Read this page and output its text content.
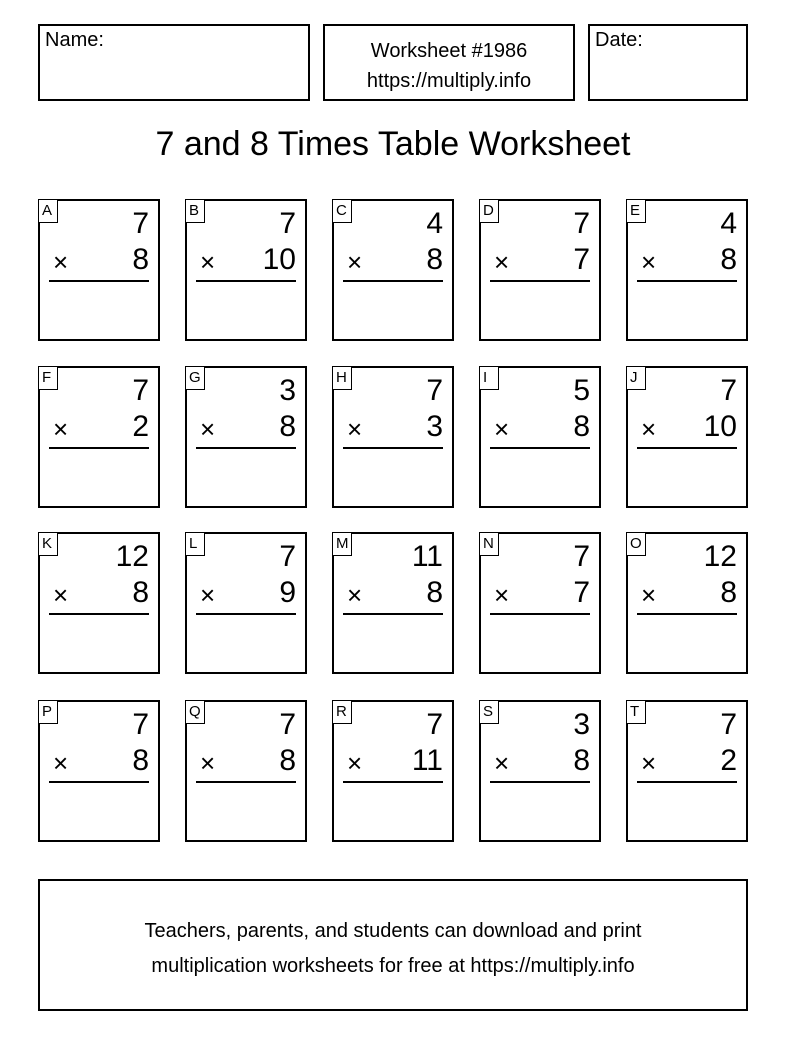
Name:	Worksheet #1986
https://multiply.info
Date:
7 and 8 Times Table Worksheet
A	7
× 8
B	7
× 10
C	4
× 8
D	7
× 7
E	4
× 8
F	7
× 2
G	3
× 8
H	7
× 3
I	5
× 8
J	7
× 10
K 12
× 8
L	7
× 9
M 11
× 8
N	7
× 7
O 12
× 8
P	7
× 8
Q	7
× 8
R	7
× 11
S	3
× 8
T	7
× 2
Teachers, parents, and students can download and print
multiplication worksheets for free at https://multiply.info
